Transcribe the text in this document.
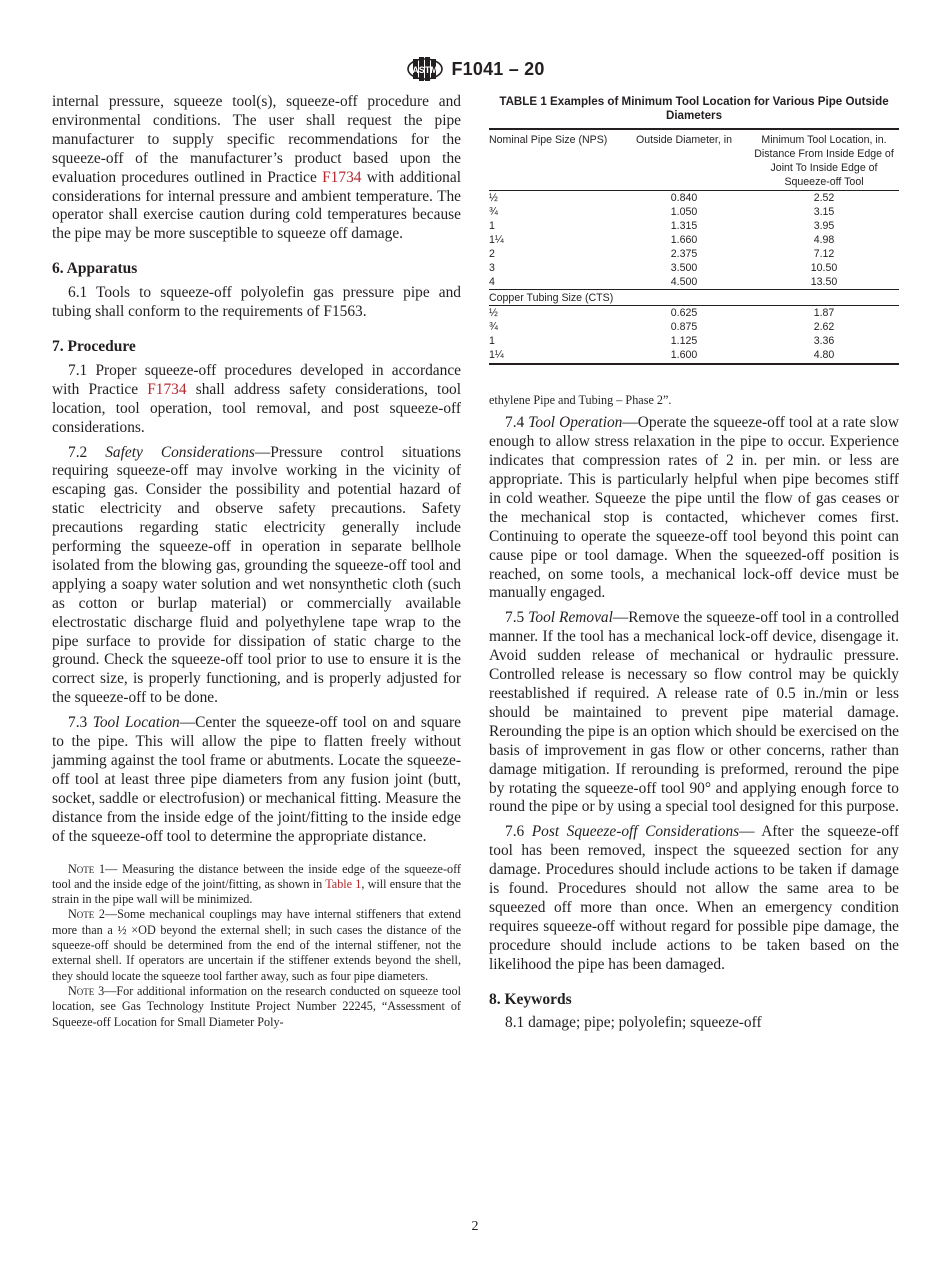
ASTM F1041 – 20

internal pressure, squeeze tool(s), squeeze-off procedure and environmental conditions. The user shall request the pipe manufacturer to supply specific recommendations for the squeeze-off of the manufacturer’s product based upon the evaluation procedures outlined in Practice F1734 with additional considerations for internal pressure and ambient temperature. The operator shall exercise caution during cold temperatures because the pipe may be more susceptible to squeeze off damage.

6. Apparatus

6.1 Tools to squeeze-off polyolefin gas pressure pipe and tubing shall conform to the requirements of F1563.

7. Procedure

7.1 Proper squeeze-off procedures developed in accordance with Practice F1734 shall address safety considerations, tool location, tool operation, tool removal, and post squeeze-off considerations.

7.2 Safety Considerations—Pressure control situations requiring squeeze-off may involve working in the vicinity of escaping gas. Consider the possibility and potential hazard of static electricity and observe safety precautions. Safety precautions regarding static electricity generally include performing the squeeze-off in operation in separate bellhole isolated from the blowing gas, grounding the squeeze-off tool and applying a soapy water solution and wet nonsynthetic cloth (such as cotton or burlap material) or commercially available electrostatic discharge fluid and polyethylene tape wrap to the pipe surface to provide for dissipation of static charge to the ground. Check the squeeze-off tool prior to use to ensure it is the correct size, is properly functioning, and is properly adjusted for the squeeze-off to be done.

7.3 Tool Location—Center the squeeze-off tool on and square to the pipe. This will allow the pipe to flatten freely without jamming against the tool frame or abutments. Locate the squeeze-off tool at least three pipe diameters from any fusion joint (butt, socket, saddle or electrofusion) or mechanical fitting. Measure the distance from the inside edge of the joint/fitting to the inside edge of the squeeze-off tool to determine the appropriate distance.

Note 1— Measuring the distance between the inside edge of the squeeze-off tool and the inside edge of the joint/fitting, as shown in Table 1, will ensure that the strain in the pipe wall will be minimized.

Note 2—Some mechanical couplings may have internal stiffeners that extend more than a ½ ×OD beyond the external shell; in such cases the distance of the squeeze-off should be determined from the end of the internal stiffener, not the external shell. If operators are uncertain if the stiffener extends beyond the shell, they should locate the squeeze tool farther away, such as four pipe diameters.

Note 3—For additional information on the research conducted on squeeze tool location, see Gas Technology Institute Project Number 22245, “Assessment of Squeeze-off Location for Small Diameter Poly-

TABLE 1 Examples of Minimum Tool Location for Various Pipe Outside Diameters
Nominal Pipe Size (NPS)	Outside Diameter, in	Minimum Tool Location, in.
Distance From Inside Edge of Joint To Inside Edge of Squeeze-off Tool

½	0.840	2.52
¾	1.050	3.15
1	1.315	3.95
1¼	1.660	4.98
2	2.375	7.12
3	3.500	10.50
4	4.500	13.50
Copper Tubing Size (CTS)		
½	0.625	1.87
¾	0.875	2.62
1	1.125	3.36
1¼	1.600	4.80

ethylene Pipe and Tubing – Phase 2”.

7.4 Tool Operation—Operate the squeeze-off tool at a rate slow enough to allow stress relaxation in the pipe to occur. Experience indicates that compression rates of 2 in. per min. or less are appropriate. This is particularly helpful when pipe becomes stiff in cold weather. Squeeze the pipe until the flow of gas ceases or the mechanical stop is contacted, whichever comes first. Continuing to operate the squeeze-off tool beyond this point can cause pipe or tool damage. When the squeezed-off position is reached, on some tools, a mechanical lock-off device must be manually engaged.

7.5 Tool Removal—Remove the squeeze-off tool in a controlled manner. If the tool has a mechanical lock-off device, disengage it. Avoid sudden release of mechanical or hydraulic pressure. Controlled release is necessary so flow control may be quickly reestablished if required. A release rate of 0.5 in./min or less should be maintained to prevent pipe material damage. Rerounding the pipe is an option which should be exercised on the basis of improvement in gas flow or other concerns, rather than damage mitigation. If rerounding is preformed, reround the pipe by rotating the squeeze-off tool 90° and applying enough force to round the pipe or by using a special tool designed for this purpose.

7.6 Post Squeeze-off Considerations— After the squeeze-off tool has been removed, inspect the squeezed section for any damage. Procedures should include actions to be taken if damage is found. Procedures should not allow the same area to be squeezed off more than once. When an emergency condition requires squeeze-off without regard for possible pipe damage, the procedure should include actions to be taken based on the likelihood the pipe has been damaged.

8. Keywords

8.1 damage; pipe; polyolefin; squeeze-off

2
